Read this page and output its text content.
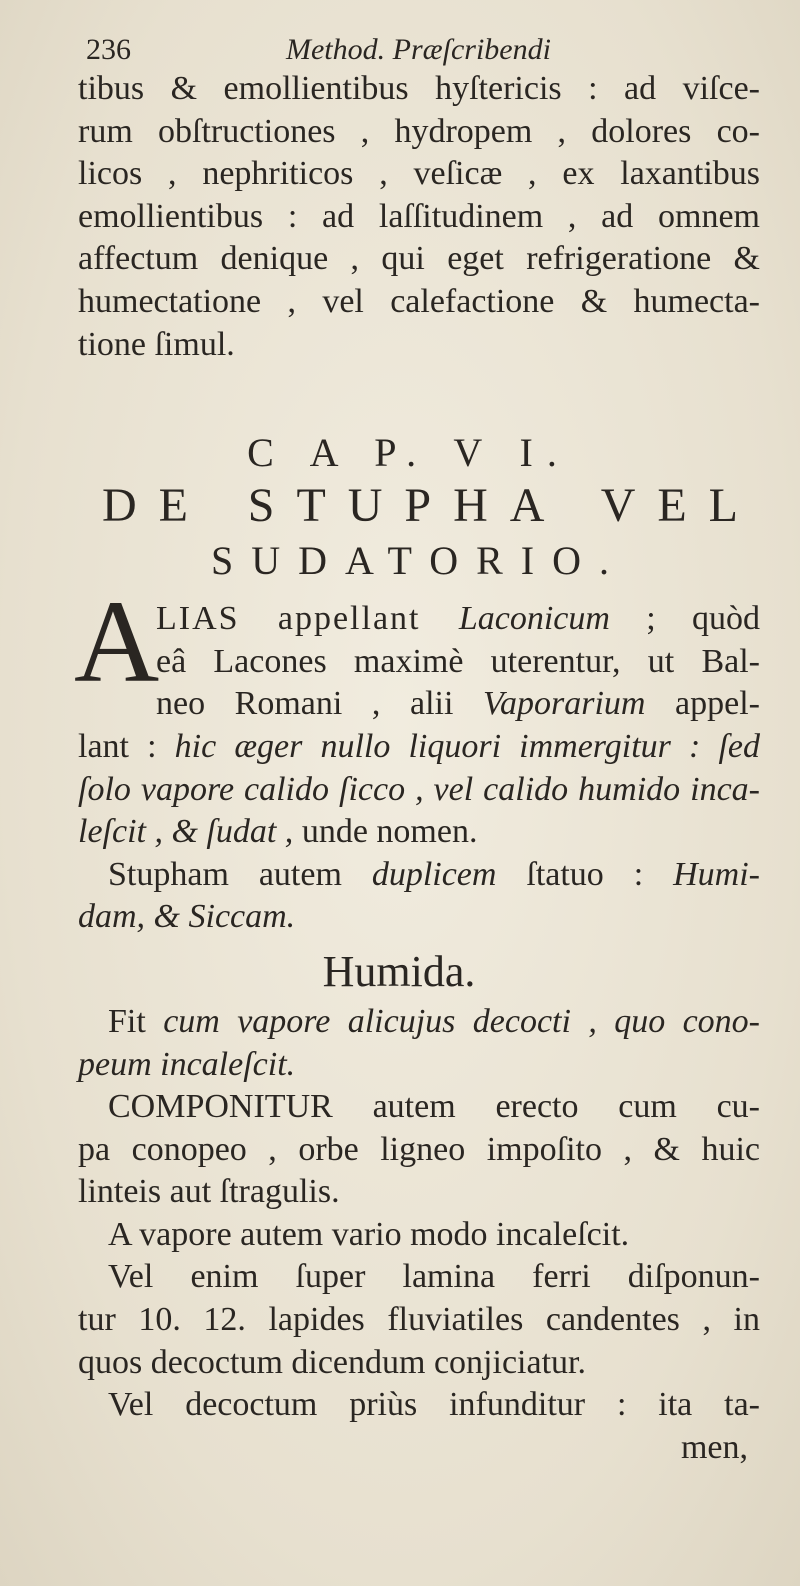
236	Method. Præſcribendi
tibus & emollientibus hyſtericis : ad viſce-
rum obſtructiones , hydropem , dolores co-
licos , nephriticos , veſicæ , ex laxantibus
emollientibus : ad laſſitudinem , ad omnem
affectum denique , qui eget refrigeratione &
humectatione , vel calefactione & humecta-
tione ſimul.
C A P. V I.
DE STUPHA VEL
SUDATORIO.
A
LIAS appellant Laconicum ; quòd
eâ Lacones maximè uterentur, ut Bal-
neo Romani , alii Vaporarium appel-
lant : hic æger nullo liquori immergitur : ſed
ſolo vapore calido ſicco , vel calido humido inca-
leſcit , & ſudat , unde nomen.
Stupham autem duplicem ſtatuo : Humi-
dam, & Siccam.
Humida.
Fit cum vapore alicujus decocti , quo cono-
peum incaleſcit.
COMPONITUR autem erecto cum cu-
pa conopeo , orbe ligneo impoſito , & huic
linteis aut ſtragulis.
A vapore autem vario modo incaleſcit.
Vel enim ſuper lamina ferri diſponun-
tur 10. 12. lapides fluviatiles candentes , in
quos decoctum dicendum conjiciatur.
Vel decoctum priùs infunditur : ita ta-
men,
